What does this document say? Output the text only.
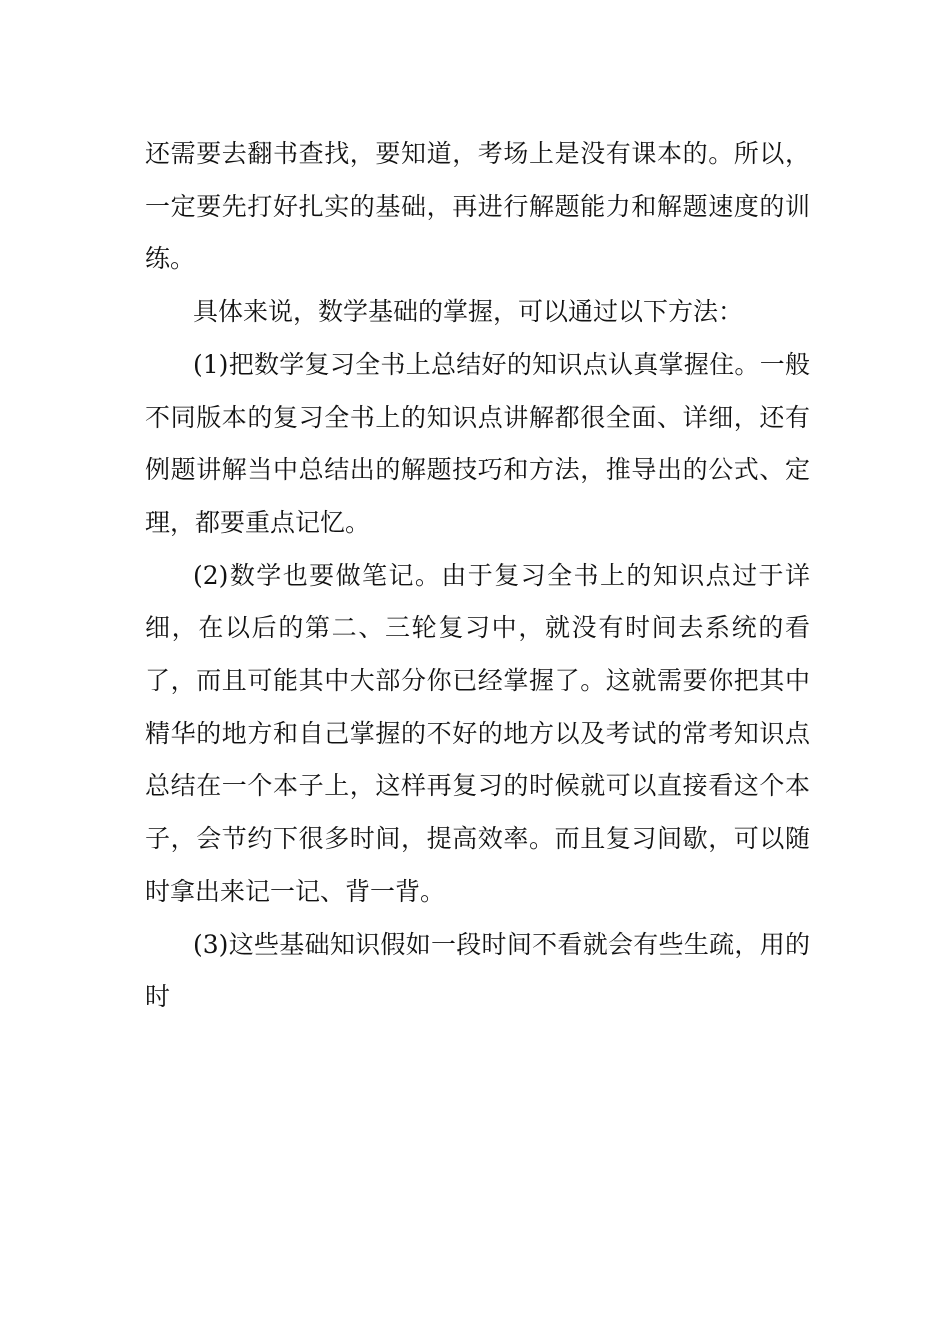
还需要去翻书查找，要知道，考场上是没有课本的。所以，一定要先打好扎实的基础，再进行解题能力和解题速度的训练。

具体来说，数学基础的掌握，可以通过以下方法：

(1)把数学复习全书上总结好的知识点认真掌握住。一般不同版本的复习全书上的知识点讲解都很全面、详细，还有例题讲解当中总结出的解题技巧和方法，推导出的公式、定理，都要重点记忆。

(2)数学也要做笔记。由于复习全书上的知识点过于详细，在以后的第二、三轮复习中，就没有时间去系统的看了，而且可能其中大部分你已经掌握了。这就需要你把其中精华的地方和自己掌握的不好的地方以及考试的常考知识点总结在一个本子上，这样再复习的时候就可以直接看这个本子，会节约下很多时间，提高效率。而且复习间歇，可以随时拿出来记一记、背一背。

(3)这些基础知识假如一段时间不看就会有些生疏，用的时
